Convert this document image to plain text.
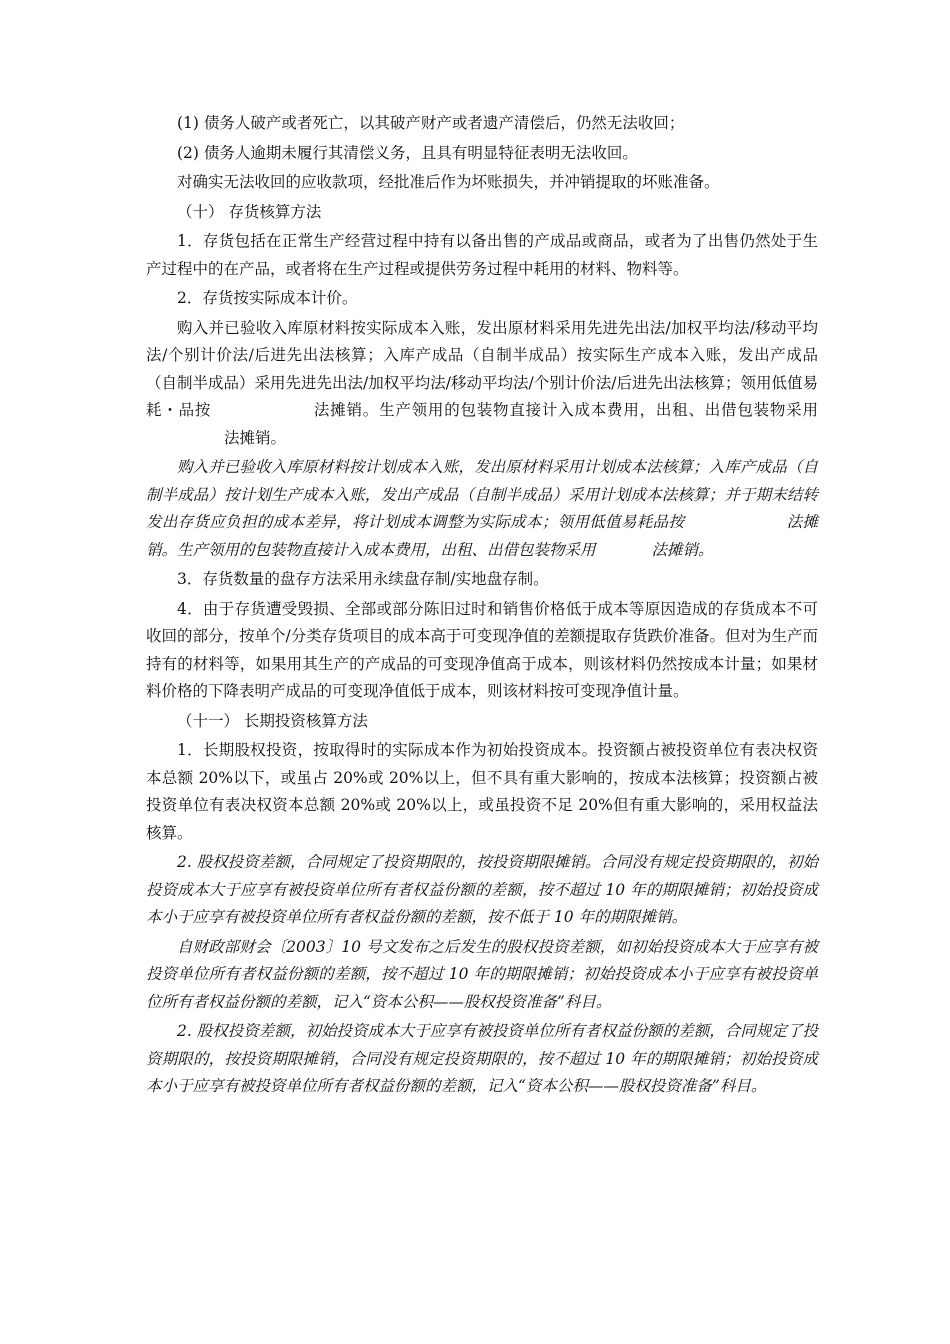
(1) 债务人破产或者死亡，以其破产财产或者遗产清偿后，仍然无法收回；

(2) 债务人逾期未履行其清偿义务，且具有明显特征表明无法收回。

对确实无法收回的应收款项，经批准后作为坏账损失，并冲销提取的坏账准备。

（十） 存货核算方法

1．存货包括在正常生产经营过程中持有以备出售的产成品或商品，或者为了出售仍然处于生产过程中的在产品，或者将在生产过程或提供劳务过程中耗用的材料、物料等。

2．存货按实际成本计价。

购入并已验收入库原材料按实际成本入账，发出原材料采用先进先出法/加权平均法/移动平均法/个别计价法/后进先出法核算；入库产成品（自制半成品）按实际生产成本入账，发出产成品（自制半成品）采用先进先出法/加权平均法/移动平均法/个别计价法/后进先出法核算；领用低值易耗・品按	法摊销。生产领用的包装物直接计入成本费用，出租、出借包装物采用法摊销。

购入并已验收入库原材料按计划成本入账，发出原材料采用计划成本法核算；入库产成品（自制半成品）按计划生产成本入账，发出产成品（自制半成品）采用计划成本法核算；并于期末结转发出存货应负担的成本差异，将计划成本调整为实际成本；领用低值易耗品按	法摊销。生产领用的包装物直接计入成本费用，出租、出借包装物采用	法摊销。

3．存货数量的盘存方法采用永续盘存制/实地盘存制。

4．由于存货遭受毁损、全部或部分陈旧过时和销售价格低于成本等原因造成的存货成本不可收回的部分，按单个/分类存货项目的成本高于可变现净值的差额提取存货跌价准备。但对为生产而持有的材料等，如果用其生产的产成品的可变现净值高于成本，则该材料仍然按成本计量；如果材料价格的下降表明产成品的可变现净值低于成本，则该材料按可变现净值计量。

（十一） 长期投资核算方法

1．长期股权投资，按取得时的实际成本作为初始投资成本。投资额占被投资单位有表决权资本总额 20%以下，或虽占 20%或 20%以上，但不具有重大影响的，按成本法核算；投资额占被投资单位有表决权资本总额 20%或 20%以上，或虽投资不足 20%但有重大影响的，采用权益法核算。

2. 股权投资差额，合同规定了投资期限的，按投资期限摊销。合同没有规定投资期限的，初始投资成本大于应享有被投资单位所有者权益份额的差额，按不超过 10 年的期限摊销；初始投资成本小于应享有被投资单位所有者权益份额的差额，按不低于 10 年的期限摊销。

自财政部财会〔2003〕10 号文发布之后发生的股权投资差额，如初始投资成本大于应享有被投资单位所有者权益份额的差额，按不超过 10 年的期限摊销；初始投资成本小于应享有被投资单位所有者权益份额的差额，记入“资本公积——股权投资准备”科目。

2. 股权投资差额，初始投资成本大于应享有被投资单位所有者权益份额的差额，合同规定了投资期限的，按投资期限摊销，合同没有规定投资期限的，按不超过 10 年的期限摊销；初始投资成本小于应享有被投资单位所有者权益份额的差额，记入“资本公积——股权投资准备”科目。
